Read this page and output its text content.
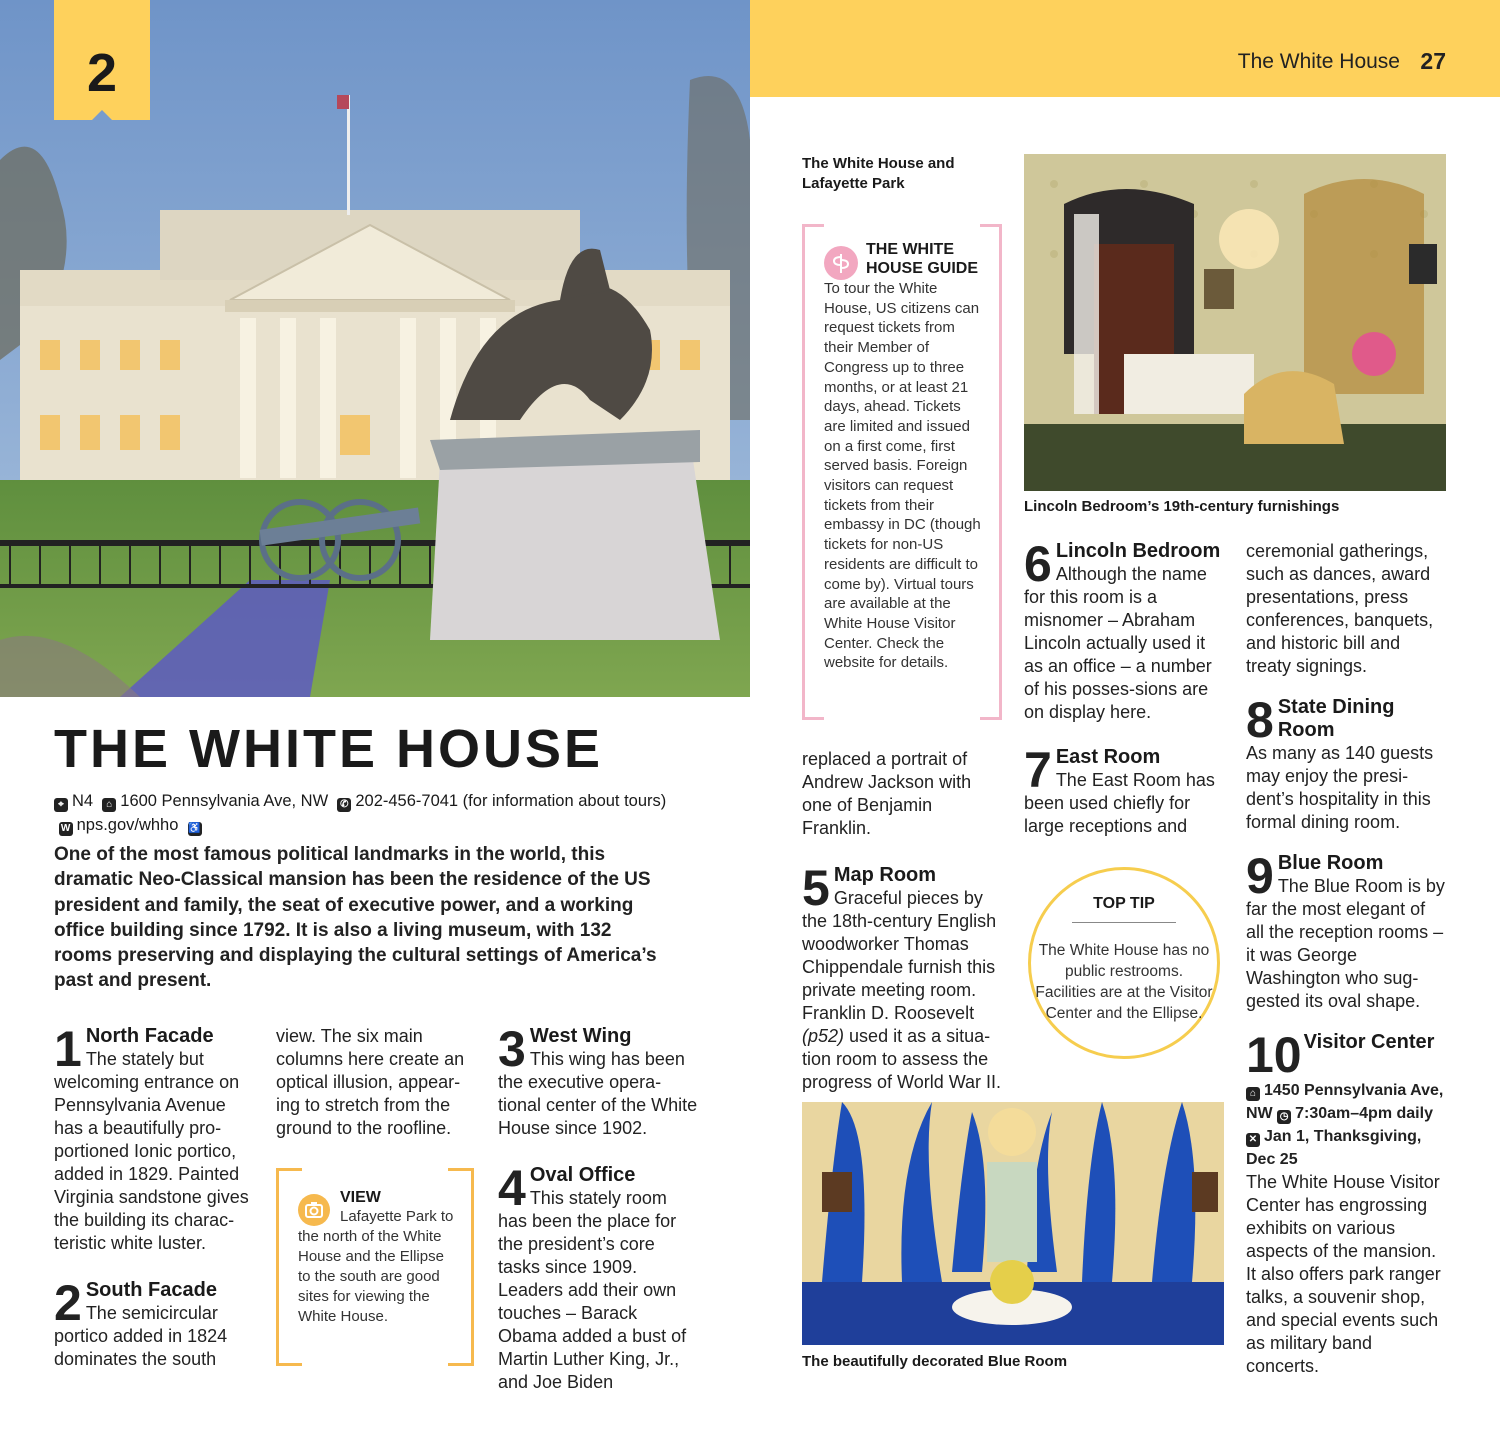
The White House 27
2
THE WHITE HOUSE
⌖ N4 ⌂ 1600 Pennsylvania Ave, NW ✆ 202-456-7041 (for information about tours)  W nps.gov/whho ♿
One of the most famous political landmarks in the world, this dramatic Neo-Classical mansion has been the residence of the US president and family, the seat of executive power, and a working office building since 1792. It is also a living museum, with 132 rooms preserving and displaying the cultural settings of America’s past and present.
1 North Facade
The stately but welcoming entrance on Pennsylvania Avenue has a beautifully pro-portioned Ionic portico, added in 1829. Painted Virginia sandstone gives the building its charac-teristic white luster.
2 South Facade
The semicircular portico added in 1824 dominates the south
view. The six main columns here create an optical illusion, appear-ing to stretch from the ground to the roofline.
VIEW
Lafayette Park to the north of the White House and the Ellipse to the south are good sites for viewing the White House.
3 West Wing
This wing has been the executive opera-tional center of the White House since 1902.
4 Oval Office
This stately room has been the place for the president’s core tasks since 1909. Leaders add their own touches – Barack Obama added a bust of Martin Luther King, Jr., and Joe Biden
The White House and Lafayette Park
THE WHITE HOUSE GUIDE
To tour the White House, US citizens can request tickets from their Member of Congress up to three months, or at least 21 days, ahead. Tickets are limited and issued on a first come, first served basis. Foreign visitors can request tickets from their embassy in DC (though tickets for non-US residents are difficult to come by). Virtual tours are available at the White House Visitor Center. Check the website for details.
Lincoln Bedroom’s 19th-century furnishings
replaced a portrait of Andrew Jackson with one of Benjamin Franklin.
5 Map Room
Graceful pieces by the 18th-century English woodworker Thomas Chippendale furnish this private meeting room. Franklin D. Roosevelt (p52) used it as a situa-tion room to assess the progress of World War II.
6 Lincoln Bedroom
Although the name for this room is a misnomer – Abraham Lincoln actually used it as an office – a number of his posses-sions are on display here.
7 East Room
The East Room has been used chiefly for large receptions and
TOP TIP
The White House has no public restrooms. Facilities are at the Visitor Center and the Ellipse.
The beautifully decorated Blue Room
ceremonial gatherings, such as dances, award presentations, press conferences, banquets, and historic bill and treaty signings.
8 State Dining Room
As many as 140 guests may enjoy the presi-dent’s hospitality in this formal dining room.
9 Blue Room
The Blue Room is by far the most elegant of all the reception rooms – it was George Washington who sug-gested its oval shape.
10 Visitor Center
⌂ 1450 Pennsylvania Ave, NW ◷ 7:30am–4pm daily ✕ Jan 1, Thanksgiving, Dec 25
The White House Visitor Center has engrossing exhibits on various aspects of the mansion. It also offers park ranger talks, a souvenir shop, and special events such as military band concerts.
